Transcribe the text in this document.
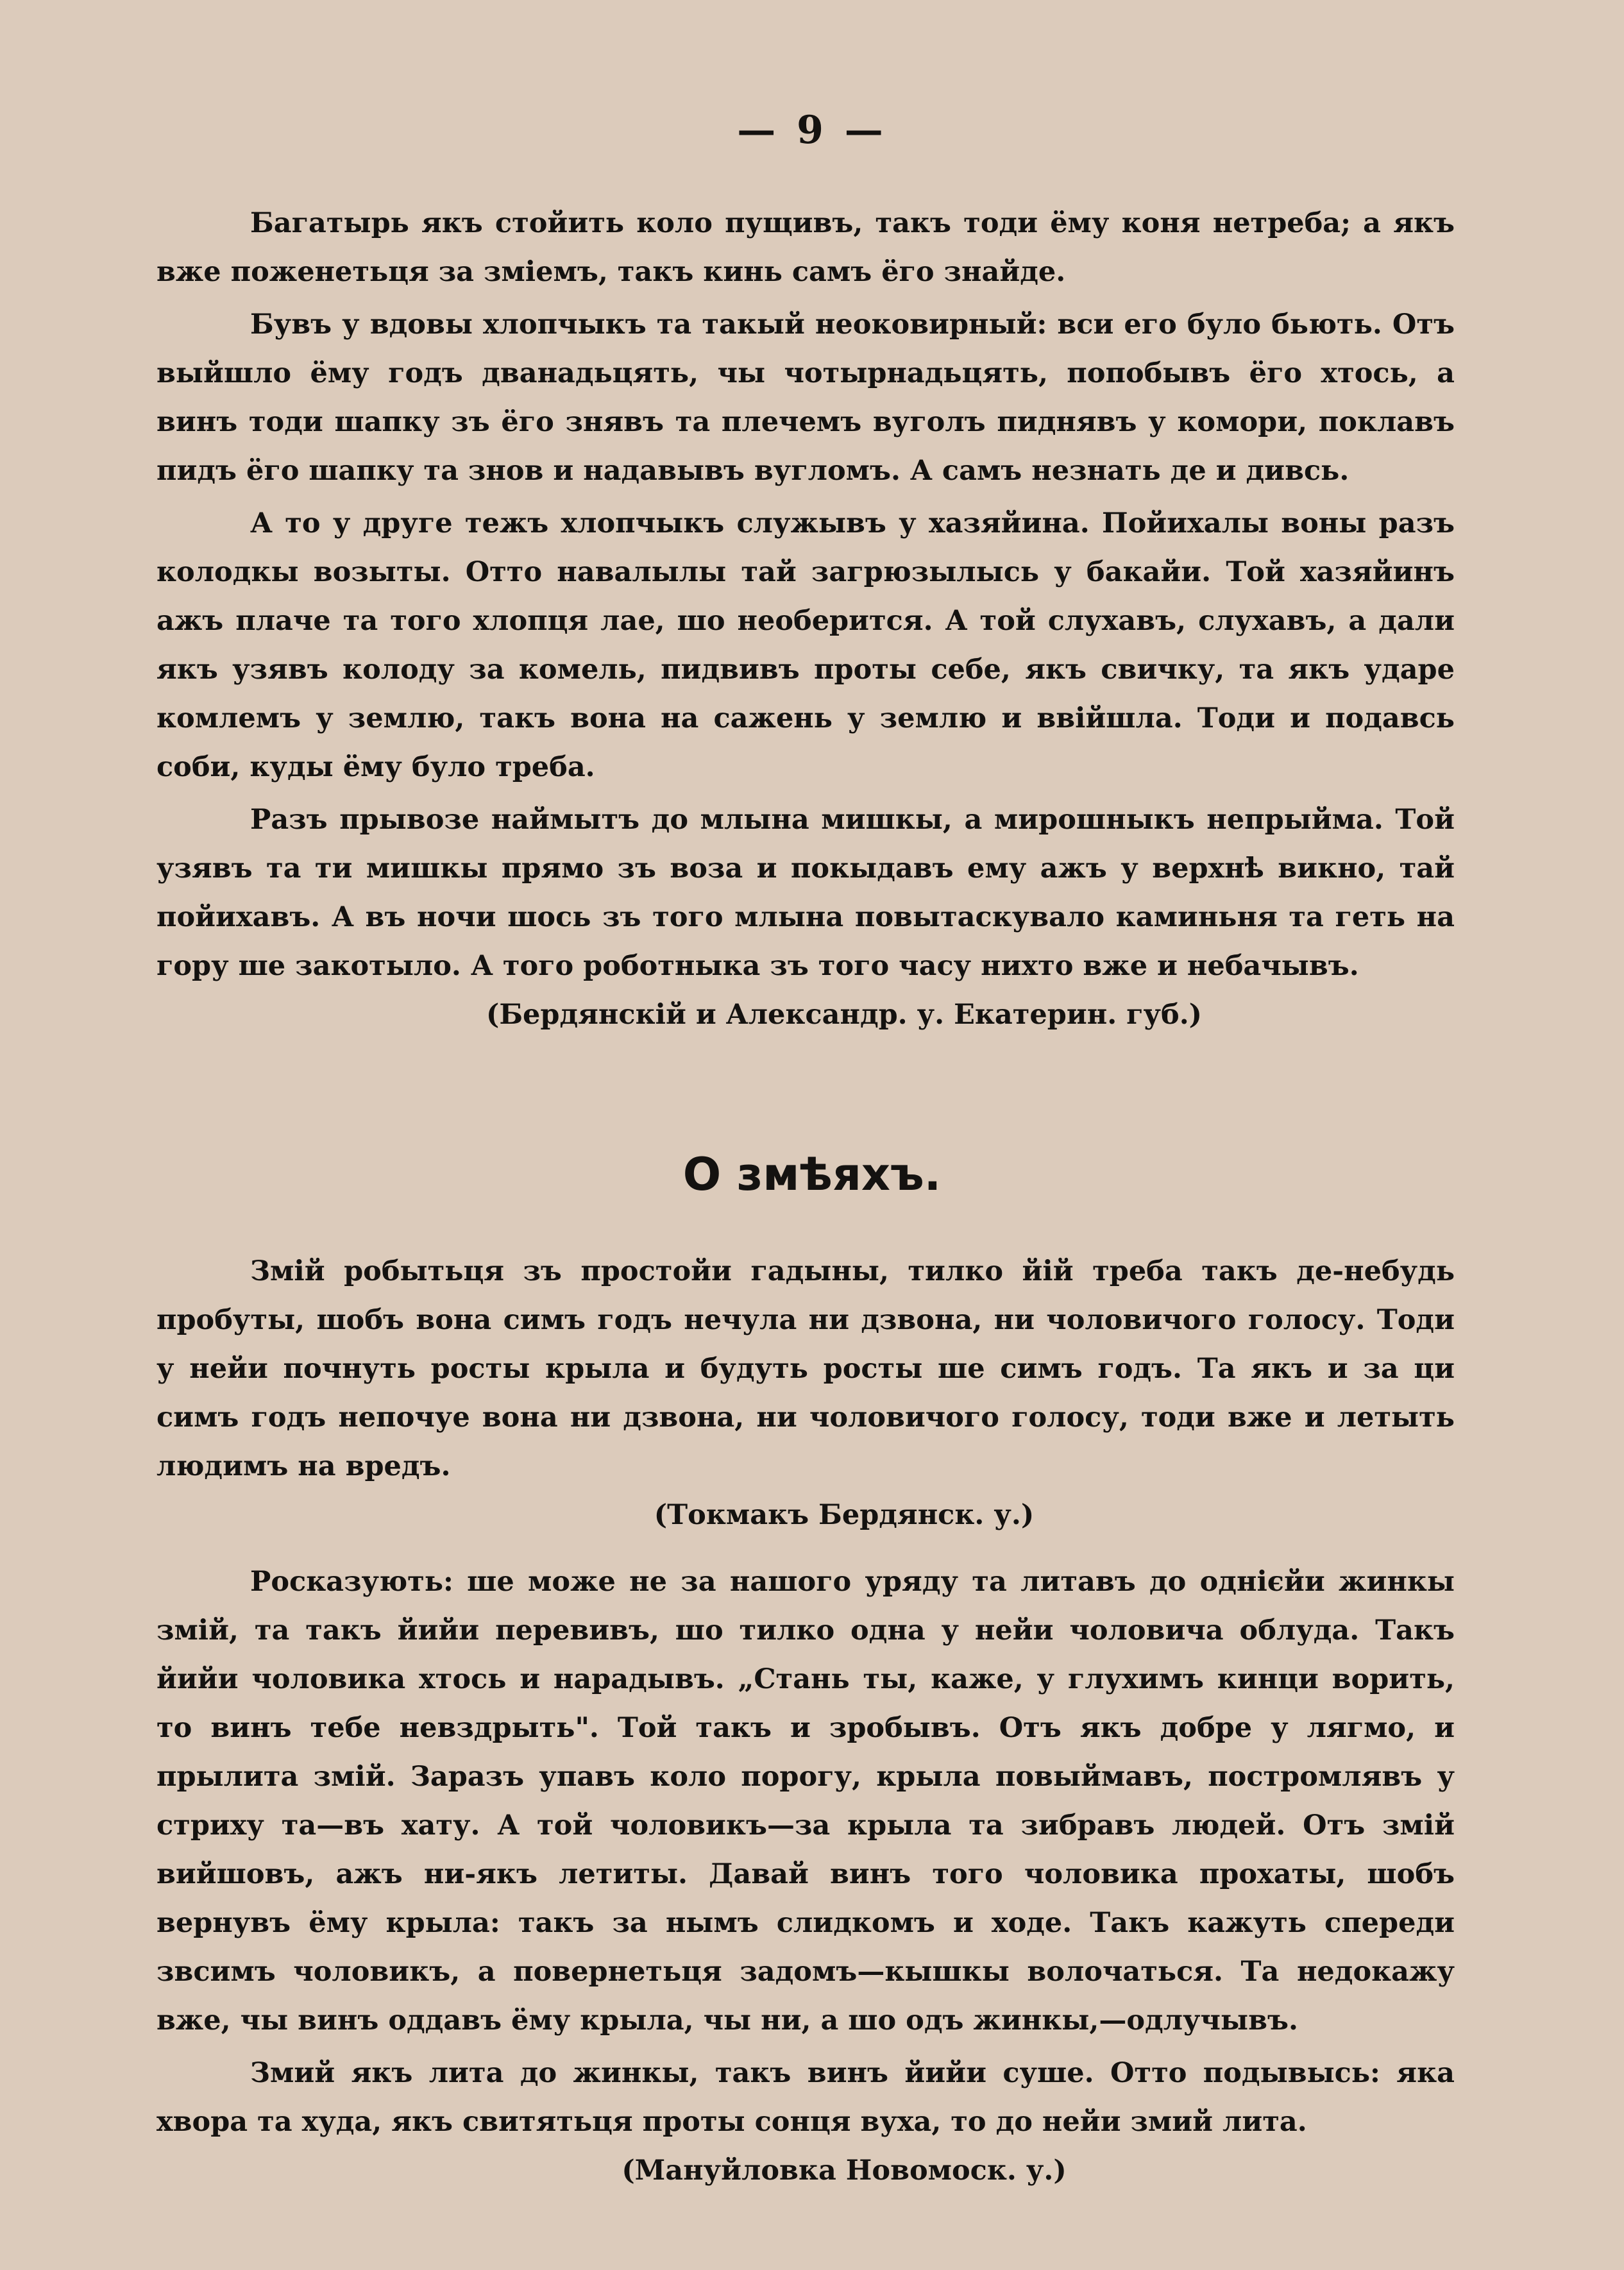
— 9 —

Багатырь якъ стойить коло пущивъ, такъ тоди ёму коня нетреба; а якъ вже поженетьця за зміемъ, такъ кинь самъ ёго знайде.

Бувъ у вдовы хлопчыкъ та такый неоковирный: вси его було бьють. Отъ выйшло ёму годъ дванадьцять, чы чотырнадьцять, попобывъ ёго хтось, а винъ тоди шапку зъ ёго знявъ та плечемъ вуголъ пиднявъ у комори, поклавъ пидъ ёго шапку та знов и надавывъ вугломъ. А самъ незнать де и дивсь.

А то у друге тежъ хлопчыкъ служывъ у хазяйина. Пойихалы воны разъ колодкы возыты. Отто навалылы тай загрюзылысь у бакайи. Той хазяйинъ ажъ плаче та того хлопця лае, шо необерится. А той слухавъ, слухавъ, а дали якъ узявъ колоду за комель, пидвивъ проты себе, якъ свичку, та якъ ударе комлемъ у землю, такъ вона на сажень у землю и ввійшла. Тоди и подавсь соби, куды ёму було треба.

Разъ прывозе наймытъ до млына мишкы, а мирошныкъ непрыйма. Той узявъ та ти мишкы прямо зъ воза и покыдавъ ему ажъ у верхнѣ викно, тай пойихавъ. А въ ночи шось зъ того млына повытаскувало каминьня та геть на гору ше закотыло. А того роботныка зъ того часу нихто вже и небачывъ.

(Бердянскій и Александр. у. Екатерин. губ.)

О змѣяхъ.

Змій робытьця зъ простойи гадыны, тилко йій треба такъ де-небудь пробуты, шобъ вона симъ годъ нечула ни дзвона, ни чоловичого голосу. Тоди у нейи почнуть росты крыла и будуть росты ше симъ годъ. Та якъ и за ци симъ годъ непочуе вона ни дзвона, ни чоловичого голосу, тоди вже и летыть людимъ на вредъ.

(Токмакъ Бердянск. у.)

Росказують: ше може не за нашого уряду та литавъ до однієйи жинкы змій, та такъ йийи перевивъ, шо тилко одна у нейи чоловича облуда. Такъ йийи чоловика хтось и нарадывъ. „Стань ты, каже, у глухимъ кинци ворить, то винъ тебе невздрыть". Той такъ и зробывъ. Отъ якъ добре у лягмо, и прылита змій. Заразъ упавъ коло порогу, крыла повыймавъ, постромлявъ у стриху та—въ хату. А той чоловикъ—за крыла та зибравъ людей. Отъ змій вийшовъ, ажъ ни-якъ летиты. Давай винъ того чоловика прохаты, шобъ вернувъ ёму крыла: такъ за нымъ слидкомъ и ходе. Такъ кажуть спереди звсимъ чоловикъ, а повернетьця задомъ—кышкы волочаться. Та недокажу вже, чы винъ оддавъ ёму крыла, чы ни, а шо одъ жинкы,—одлучывъ.

Змий якъ лита до жинкы, такъ винъ йийи суше. Отто подывысь: яка хвора та худа, якъ свитятьця проты сонця вуха, то до нейи змий лита.

(Мануйловка Новомоск. у.)
